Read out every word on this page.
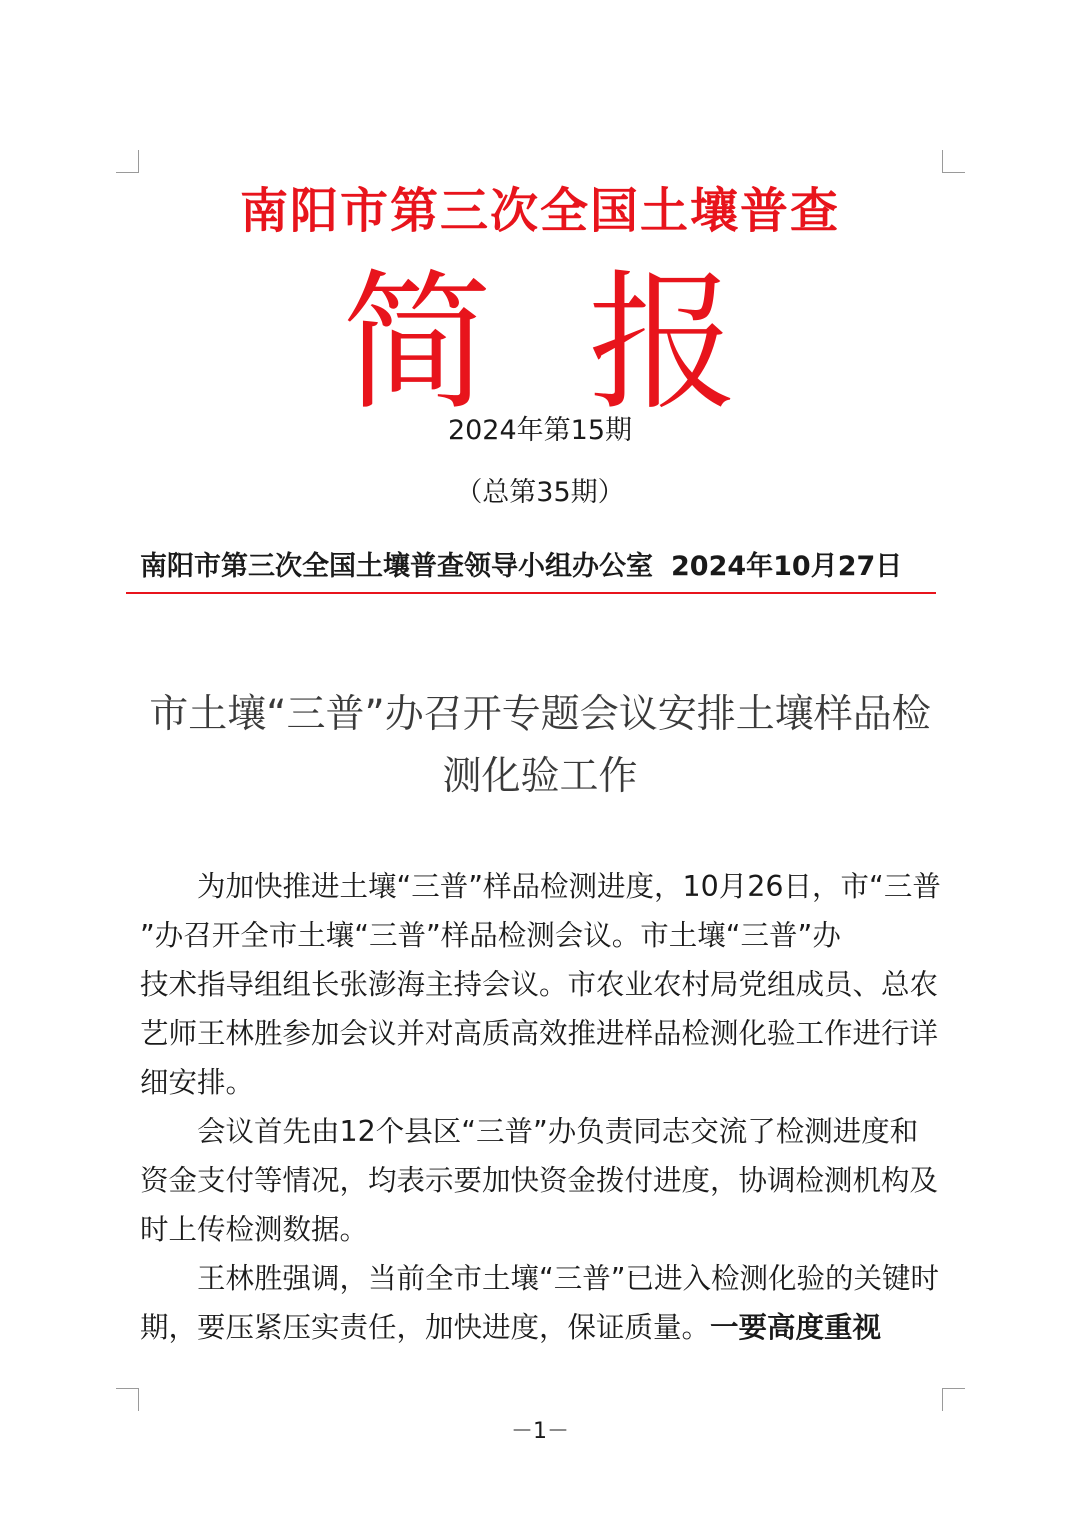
南阳市第三次全国土壤普查
简 报
2024年第15期
（总第35期）
南阳市第三次全国土壤普查领导小组办公室 2024年10月27日
市土壤“三普”办召开专题会议安排土壤样品检
测化验工作

为加快推进土壤“三普”样品检测进度，10月26日，市“三普

”办召开全市土壤“三普”样品检测会议。市土壤“三普”办

技术指导组组长张澎海主持会议。市农业农村局党组成员、总农艺师王林胜参加会议并对高质高效推进样品检测化验工作进行详细安排。

会议首先由12个县区“三普”办负责同志交流了检测进度和资金支付等情况，均表示要加快资金拨付进度，协调检测机构及时上传检测数据。

王林胜强调，当前全市土壤“三普”已进入检测化验的关键时期，要压紧压实责任，加快进度，保证质量。一要高度重视

－1－
